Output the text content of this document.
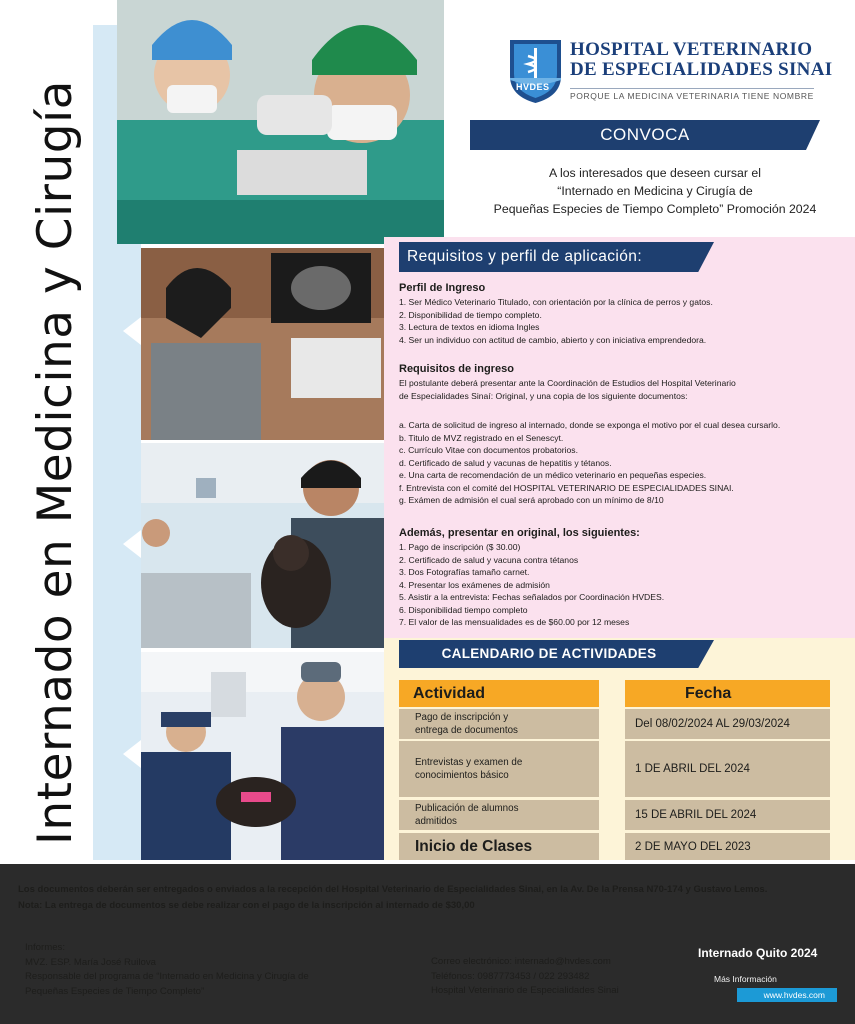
Internado en Medicina y Cirugía	HVDES
HOSPITAL VETERINARIO
DE ESPECIALIDADES SINAI
PORQUE LA MEDICINA VETERINARIA TIENE NOMBRE
CONVOCA
A los interesados que deseen cursar el
“Internado en Medicina y Cirugía de
Pequeñas Especies de Tiempo Completo” Promoción 2024
Requisitos y perfil de aplicación:
Perfil de Ingreso
1. Ser Médico Veterinario Titulado, con orientación por la clínica de perros y gatos.
2. Disponibilidad de tiempo completo.
3. Lectura de textos en idioma Ingles
4. Ser un individuo con actitud de cambio, abierto y con iniciativa emprendedora.
Requisitos de ingreso
El postulante deberá presentar ante la Coordinación de Estudios del Hospital Veterinario
de Especialidades Sinaí: Original, y una copia de los siguiente documentos:
a. Carta de solicitud de ingreso al internado, donde se exponga el motivo por el cual desea cursarlo.
b. Titulo de MVZ registrado en el Senescyt.
c. Currículo Vitae con documentos probatorios.
d. Certificado de salud y vacunas de hepatitis y tétanos.
e. Una carta de recomendación de un médico veterinario en pequeñas especies.
f. Entrevista con el comité del HOSPITAL VETERINARIO DE ESPECIALIDADES SINAI.
g. Exámen de admisión el cual será aprobado con un mínimo de 8/10
Además, presentar en original, los siguientes:
1. Pago de inscripción ($ 30.00)
2. Certificado de salud y vacuna contra tétanos
3. Dos Fotografías tamaño carnet.
4. Presentar los exámenes de admisión
5. Asistir a la entrevista: Fechas señalados por Coordinación HVDES.
6. Disponibilidad tiempo completo
7. El valor de las mensualidades es de $60.00 por 12 meses
CALENDARIO DE ACTIVIDADES
Actividad	Fecha
Pago de inscripción y
entrega de documentos
Del 08/02/2024 AL 29/03/2024
Entrevistas y examen de
conocimientos básico
1 DE ABRIL DEL 2024
Publicación de alumnos
admitidos
15 DE ABRIL DEL 2024
Inicio de Clases	2 DE MAYO DEL 2023
Los documentos deberán ser entregados o enviados a la recepción del Hospital Veterinario de Especialidades Sinai, en la Av. De la Prensa N70-174 y Gustavo Lemos.
Nota: La entrega de documentos se debe realizar con el pago de la inscripción al internado de $30,00
Informes:
MVZ. ESP. María José Ruilova
Responsable del programa de “Internado en Medicina y Cirugía de
Pequeñas Especies de Tiempo Completo”
Correo electrónico: internado@hvdes.com
Teléfonos: 0987773453 / 022 293482
Hospital Veterinario de Especialidades Sinai
Internado Quito 2024
Más Información
www.hvdes.com
